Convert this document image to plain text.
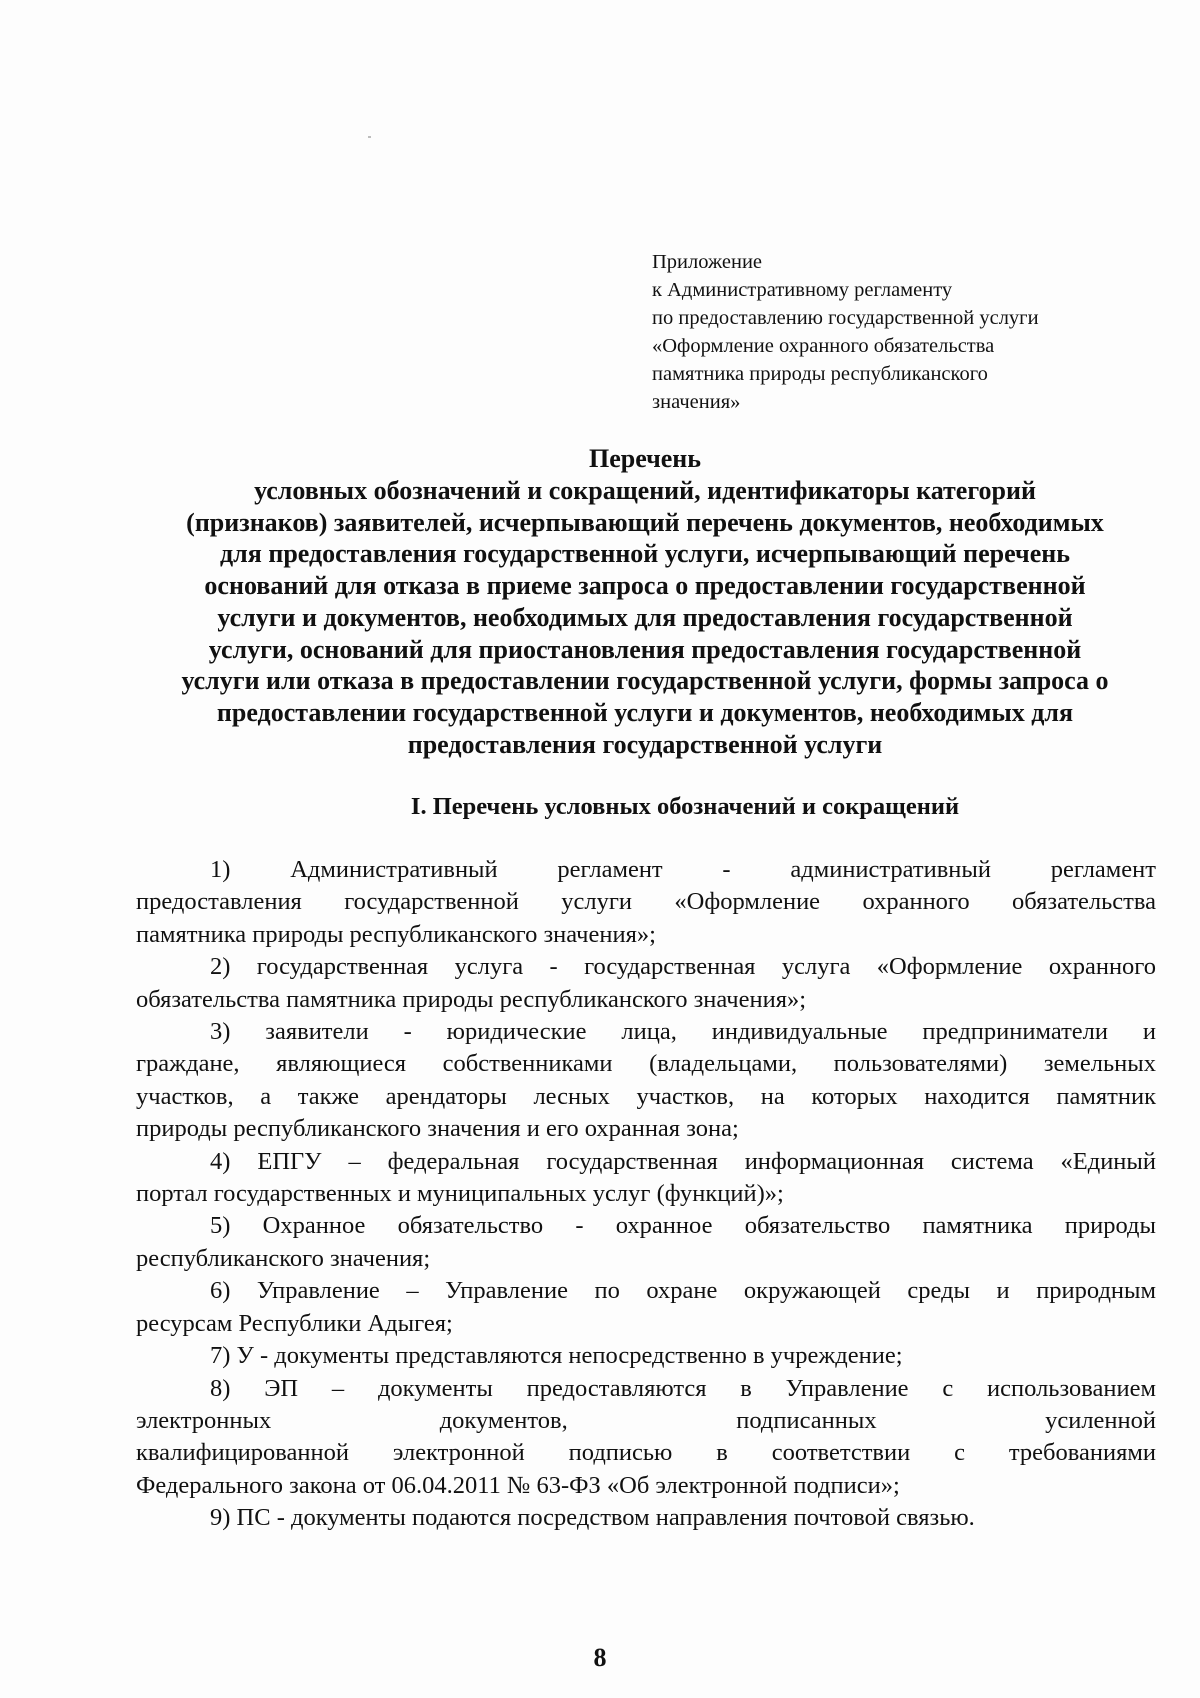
Приложение
к Административному регламенту
по предоставлению государственной услуги
«Оформление охранного обязательства
памятника природы республиканского
значения»
Перечень
условных обозначений и сокращений, идентификаторы категорий
(признаков) заявителей, исчерпывающий перечень документов, необходимых
для предоставления государственной услуги, исчерпывающий перечень
оснований для отказа в приеме запроса о предоставлении государственной
услуги и документов, необходимых для предоставления государственной
услуги, оснований для приостановления предоставления государственной
услуги или отказа в предоставлении государственной услуги, формы запроса о
предоставлении государственной услуги и документов, необходимых для
предоставления государственной услуги
I. Перечень условных обозначений и сокращений
1) Административный регламент - административный регламент
предоставления государственной услуги «Оформление охранного обязательства
памятника природы республиканского значения»;
2) государственная услуга - государственная услуга «Оформление охранного
обязательства памятника природы республиканского значения»;
3) заявители - юридические лица, индивидуальные предприниматели и
граждане, являющиеся собственниками (владельцами, пользователями) земельных
участков, а также арендаторы лесных участков, на которых находится памятник
природы республиканского значения и его охранная зона;
4) ЕПГУ – федеральная государственная информационная система «Единый
портал государственных и муниципальных услуг (функций)»;
5) Охранное обязательство - охранное обязательство памятника природы
республиканского значения;
6) Управление – Управление по охране окружающей среды и природным
ресурсам Республики Адыгея;
7) У - документы представляются непосредственно в учреждение;
8) ЭП – документы предоставляются в Управление с использованием
электронных документов, подписанных усиленной
квалифицированной электронной подписью в соответствии с требованиями
Федерального закона от 06.04.2011 № 63-ФЗ «Об электронной подписи»;
9) ПС - документы подаются посредством направления почтовой связью.
8
